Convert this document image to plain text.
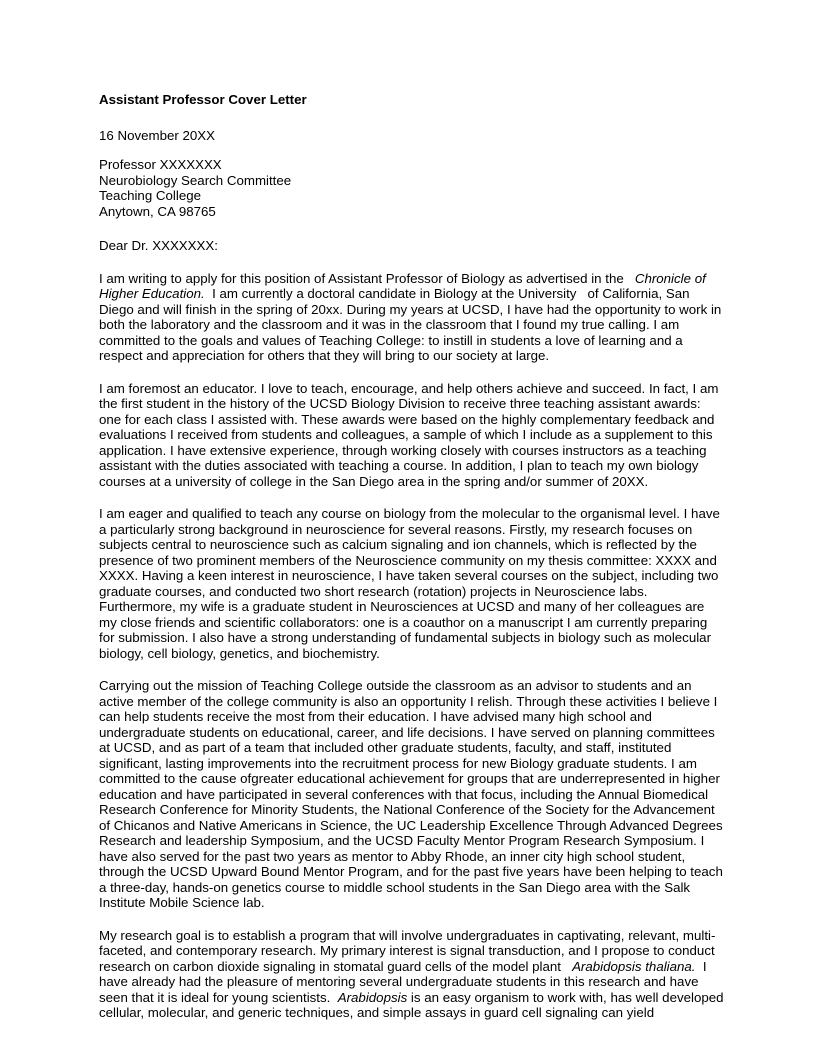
Assistant Professor Cover Letter

16 November 20XX
Professor XXXXXXX
Neurobiology Search Committee
Teaching College
Anytown, CA 98765
Dear Dr. XXXXXXX:

I am writing to apply for this position of Assistant Professor of Biology as advertised in the   Chronicle of Higher Education.  I am currently a doctoral candidate in Biology at the University   of California, San Diego and will finish in the spring of 20xx. During my years at UCSD, I have had the opportunity to work in both the laboratory and the classroom and it was in the classroom that I found my true calling. I am committed to the goals and values of Teaching College: to instill in students a love of learning and a respect and appreciation for others that they will bring to our society at large.

I am foremost an educator. I love to teach, encourage, and help others achieve and succeed. In fact, I am the first student in the history of the UCSD Biology Division to receive three teaching assistant awards: one for each class I assisted with. These awards were based on the highly complementary feedback and evaluations I received from students and colleagues, a sample of which I include as a supplement to this application. I have extensive experience, through working closely with courses instructors as a teaching assistant with the duties associated with teaching a course. In addition, I plan to teach my own biology courses at a university of college in the San Diego area in the spring and/or summer of 20XX.

I am eager and qualified to teach any course on biology from the molecular to the organismal level. I have a particularly strong background in neuroscience for several reasons. Firstly, my research focuses on subjects central to neuroscience such as calcium signaling and ion channels, which is reflected by the presence of two prominent members of the Neuroscience community on my thesis committee: XXXX and XXXX. Having a keen interest in neuroscience, I have taken several courses on the subject, including two graduate courses, and conducted two short research (rotation) projects in Neuroscience labs. Furthermore, my wife is a graduate student in Neurosciences at UCSD and many of her colleagues are my close friends and scientific collaborators: one is a coauthor on a manuscript I am currently preparing for submission. I also have a strong understanding of fundamental subjects in biology such as molecular biology, cell biology, genetics, and biochemistry.

Carrying out the mission of Teaching College outside the classroom as an advisor to students and an active member of the college community is also an opportunity I relish. Through these activities I believe I can help students receive the most from their education. I have advised many high school and undergraduate students on educational, career, and life decisions. I have served on planning committees at UCSD, and as part of a team that included other graduate students, faculty, and staff, instituted significant, lasting improvements into the recruitment process for new Biology graduate students. I am committed to the cause ofgreater educational achievement for groups that are underrepresented in higher education and have participated in several conferences with that focus, including the Annual Biomedical Research Conference for Minority Students, the National Conference of the Society for the Advancement of Chicanos and Native Americans in Science, the UC Leadership Excellence Through Advanced Degrees Research and leadership Symposium, and the UCSD Faculty Mentor Program Research Symposium. I have also served for the past two years as mentor to Abby Rhode, an inner city high school student, through the UCSD Upward Bound Mentor Program, and for the past five years have been helping to teach a three-day, hands-on genetics course to middle school students in the San Diego area with the Salk Institute Mobile Science lab.

My research goal is to establish a program that will involve undergraduates in captivating, relevant, multi-faceted, and contemporary research. My primary interest is signal transduction, and I propose to conduct research on carbon dioxide signaling in stomatal guard cells of the model plant   Arabidopsis thaliana.  I have already had the pleasure of mentoring several undergraduate students in this research and have seen that it is ideal for young scientists.  Arabidopsis is an easy organism to work with, has well developed cellular, molecular, and generic techniques, and simple assays in guard cell signaling can yield
